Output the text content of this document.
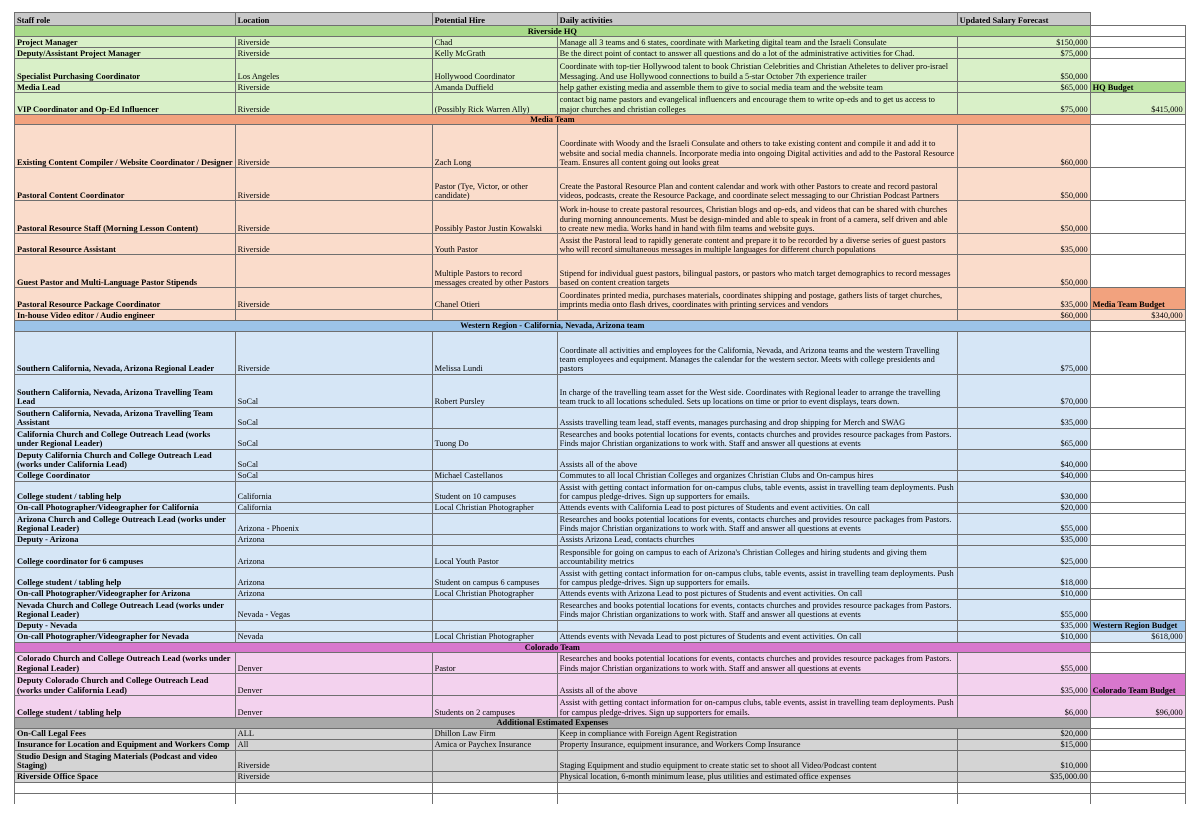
Staff role	Location	Potential Hire	Daily activities	Updated Salary Forecast	
Riverside HQ					
Project Manager	Riverside	Chad	Manage all 3 teams and 6 states, coordinate with Marketing digital team and the Israeli Consulate	$150,000	
Deputy/Assistant Project Manager	Riverside	Kelly McGrath	Be the direct point of contact to answer all questions and do a lot of the administrative activities for Chad.	$75,000	
Specialist Purchasing Coordinator	Los Angeles	Hollywood Coordinator	Coordinate with top-tier Hollywood talent to book Christian Celebrities and Christian Atheletes to deliver pro-israel Messaging. And use Hollywood connections to build a 5-star October 7th experience trailer	$50,000	
Media Lead	Riverside	Amanda Duffield	help gather existing media and assemble them to give to social media team and the website team	$65,000	HQ Budget
VIP Coordinator and Op-Ed Influencer	Riverside	(Possibly Rick Warren Ally)	contact big name pastors and evangelical influencers and encourage them to write op-eds and to get us access to major churches and christian colleges	$75,000	$415,000
Media Team					
Existing Content Compiler / Website Coordinator / Designer	Riverside	Zach Long	Coordinate with Woody and the Israeli Consulate and others to take existing content and compile it and add it to website and social media channels. Incorporate media into ongoing Digital activities and add to the Pastoral Resource Team. Ensures all content going out looks great	$60,000	
Pastoral Content Coordinator	Riverside	Pastor (Tye, Victor, or other candidate)	Create the Pastoral Resource Plan and content calendar and work with other Pastors to create and record pastoral videos, podcasts, create the Resource Package, and coordinate select messaging to our Christian Podcast Partners	$50,000	
Pastoral Resource Staff (Morning Lesson Content)	Riverside	Possibly Pastor Justin Kowalski	Work in-house to create pastoral resources, Christian blogs and op-eds, and videos that can be shared with churches during morning announcements. Must be design-minded and able to speak in front of a camera, self driven and able to create new media. Works hand in hand with film teams and website guys.	$50,000	
Pastoral Resource Assistant	Riverside	Youth Pastor	Assist the Pastoral lead to rapidly generate content and prepare it to be recorded by a diverse series of guest pastors who will record simultaneous messages in multiple languages for different church populations	$35,000	
Guest Pastor and Multi-Language Pastor Stipends		Multiple Pastors to record messages created by other Pastors	Stipend for individual guest pastors, bilingual pastors, or pastors who match target demographics to record messages based on content creation targets	$50,000	
Pastoral Resource Package Coordinator	Riverside	Chanel Otieri	Coordinates printed media, purchases materials, coordinates shipping and postage, gathers lists of target churches, imprints media onto flash drives, coordinates with printing services and vendors	$35,000	Media Team Budget
In-house Video editor / Audio engineer				$60,000	$340,000
Western Region - California, Nevada, Arizona team					
Southern California, Nevada, Arizona Regional Leader	Riverside	Melissa Lundi	Coordinate all activities and employees for the California, Nevada, and Arizona teams and the western Travelling team employees and equipment. Manages the calendar for the western sector. Meets with college presidents and pastors	$75,000	
Southern California, Nevada, Arizona Travelling Team Lead	SoCal	Robert Pursley	In charge of the travelling team asset for the West side. Coordinates with Regional leader to arrange the travelling team truck to all locations scheduled. Sets up locations on time or prior to event displays, tears down.	$70,000	
Southern California, Nevada, Arizona Travelling Team Assistant	SoCal		Assists travelling team lead, staff events, manages purchasing and drop shipping for Merch and SWAG	$35,000	
California Church and College Outreach Lead (works under Regional Leader)	SoCal	Tuong Do	Researches and books potential locations for events, contacts churches and provides resource packages from Pastors. Finds major Christian organizations to work with. Staff and answer all questions at events	$65,000	
Deputy California Church and College Outreach Lead (works under California Lead)	SoCal		Assists all of the above	$40,000	
College Coordinator	SoCal	Michael Castellanos	Commutes to all local Christian Colleges and organizes Christian Clubs and On-campus hires	$40,000	
College student / tabling help	California	Student on 10 campuses	Assist with getting contact information for on-campus clubs, table events, assist in travelling team deployments. Push for campus pledge-drives. Sign up supporters for emails.	$30,000	
On-call Photographer/Videographer for California	California	Local Christian Photographer	Attends events with California Lead to post pictures of Students and event activities. On call	$20,000	
Arizona Church and College Outreach Lead (works under Regional Leader)	Arizona - Phoenix		Researches and books potential locations for events, contacts churches and provides resource packages from Pastors. Finds major Christian organizations to work with. Staff and answer all questions at events	$55,000	
Deputy - Arizona	Arizona		Assists Arizona Lead, contacts churches	$35,000	
College coordinator for 6 campuses	Arizona	Local Youth Pastor	Responsible for going on campus to each of Arizona's Christian Colleges and hiring students and giving them accountability metrics	$25,000	
College student / tabling help	Arizona	Student on campus 6 campuses	Assist with getting contact information for on-campus clubs, table events, assist in travelling team deployments. Push for campus pledge-drives. Sign up supporters for emails.	$18,000	
On-call Photographer/Videographer for Arizona	Arizona	Local Christian Photographer	Attends events with Arizona Lead to post pictures of Students and event activities. On call	$10,000	
Nevada Church and College Outreach Lead (works under Regional Leader)	Nevada - Vegas		Researches and books potential locations for events, contacts churches and provides resource packages from Pastors. Finds major Christian organizations to work with. Staff and answer all questions at events	$55,000	
Deputy - Nevada				$35,000	Western Region Budget
On-call Photographer/Videographer for Nevada	Nevada	Local Christian Photographer	Attends events with Nevada Lead to post pictures of Students and event activities. On call	$10,000	$618,000
Colorado Team					
Colorado Church and College Outreach Lead (works under Regional Leader)	Denver	Pastor	Researches and books potential locations for events, contacts churches and provides resource packages from Pastors. Finds major Christian organizations to work with. Staff and answer all questions at events	$55,000	
Deputy Colorado Church and College Outreach Lead (works under California Lead)	Denver		Assists all of the above	$35,000	Colorado Team Budget
College student / tabling help	Denver	Students on 2 campuses	Assist with getting contact information for on-campus clubs, table events, assist in travelling team deployments. Push for campus pledge-drives. Sign up supporters for emails.	$6,000	$96,000
Additional Estimated Expenses					
On-Call Legal Fees	ALL	Dhillon Law Firm	Keep in compliance with Foreign Agent Registration	$20,000	
Insurance for Location and Equipment and Workers Comp	All	Amica or Paychex Insurance	Property Insurance, equipment insurance, and Workers Comp Insurance	$15,000	
Studio Design and Staging Materials (Podcast and video Staging)	Riverside		Staging Equipment and studio equipment to create static set to shoot all Video/Podcast content	$10,000	
Riverside Office Space	Riverside		Physical location, 6-month minimum lease, plus utilities and estimated office expenses	$35,000.00	
